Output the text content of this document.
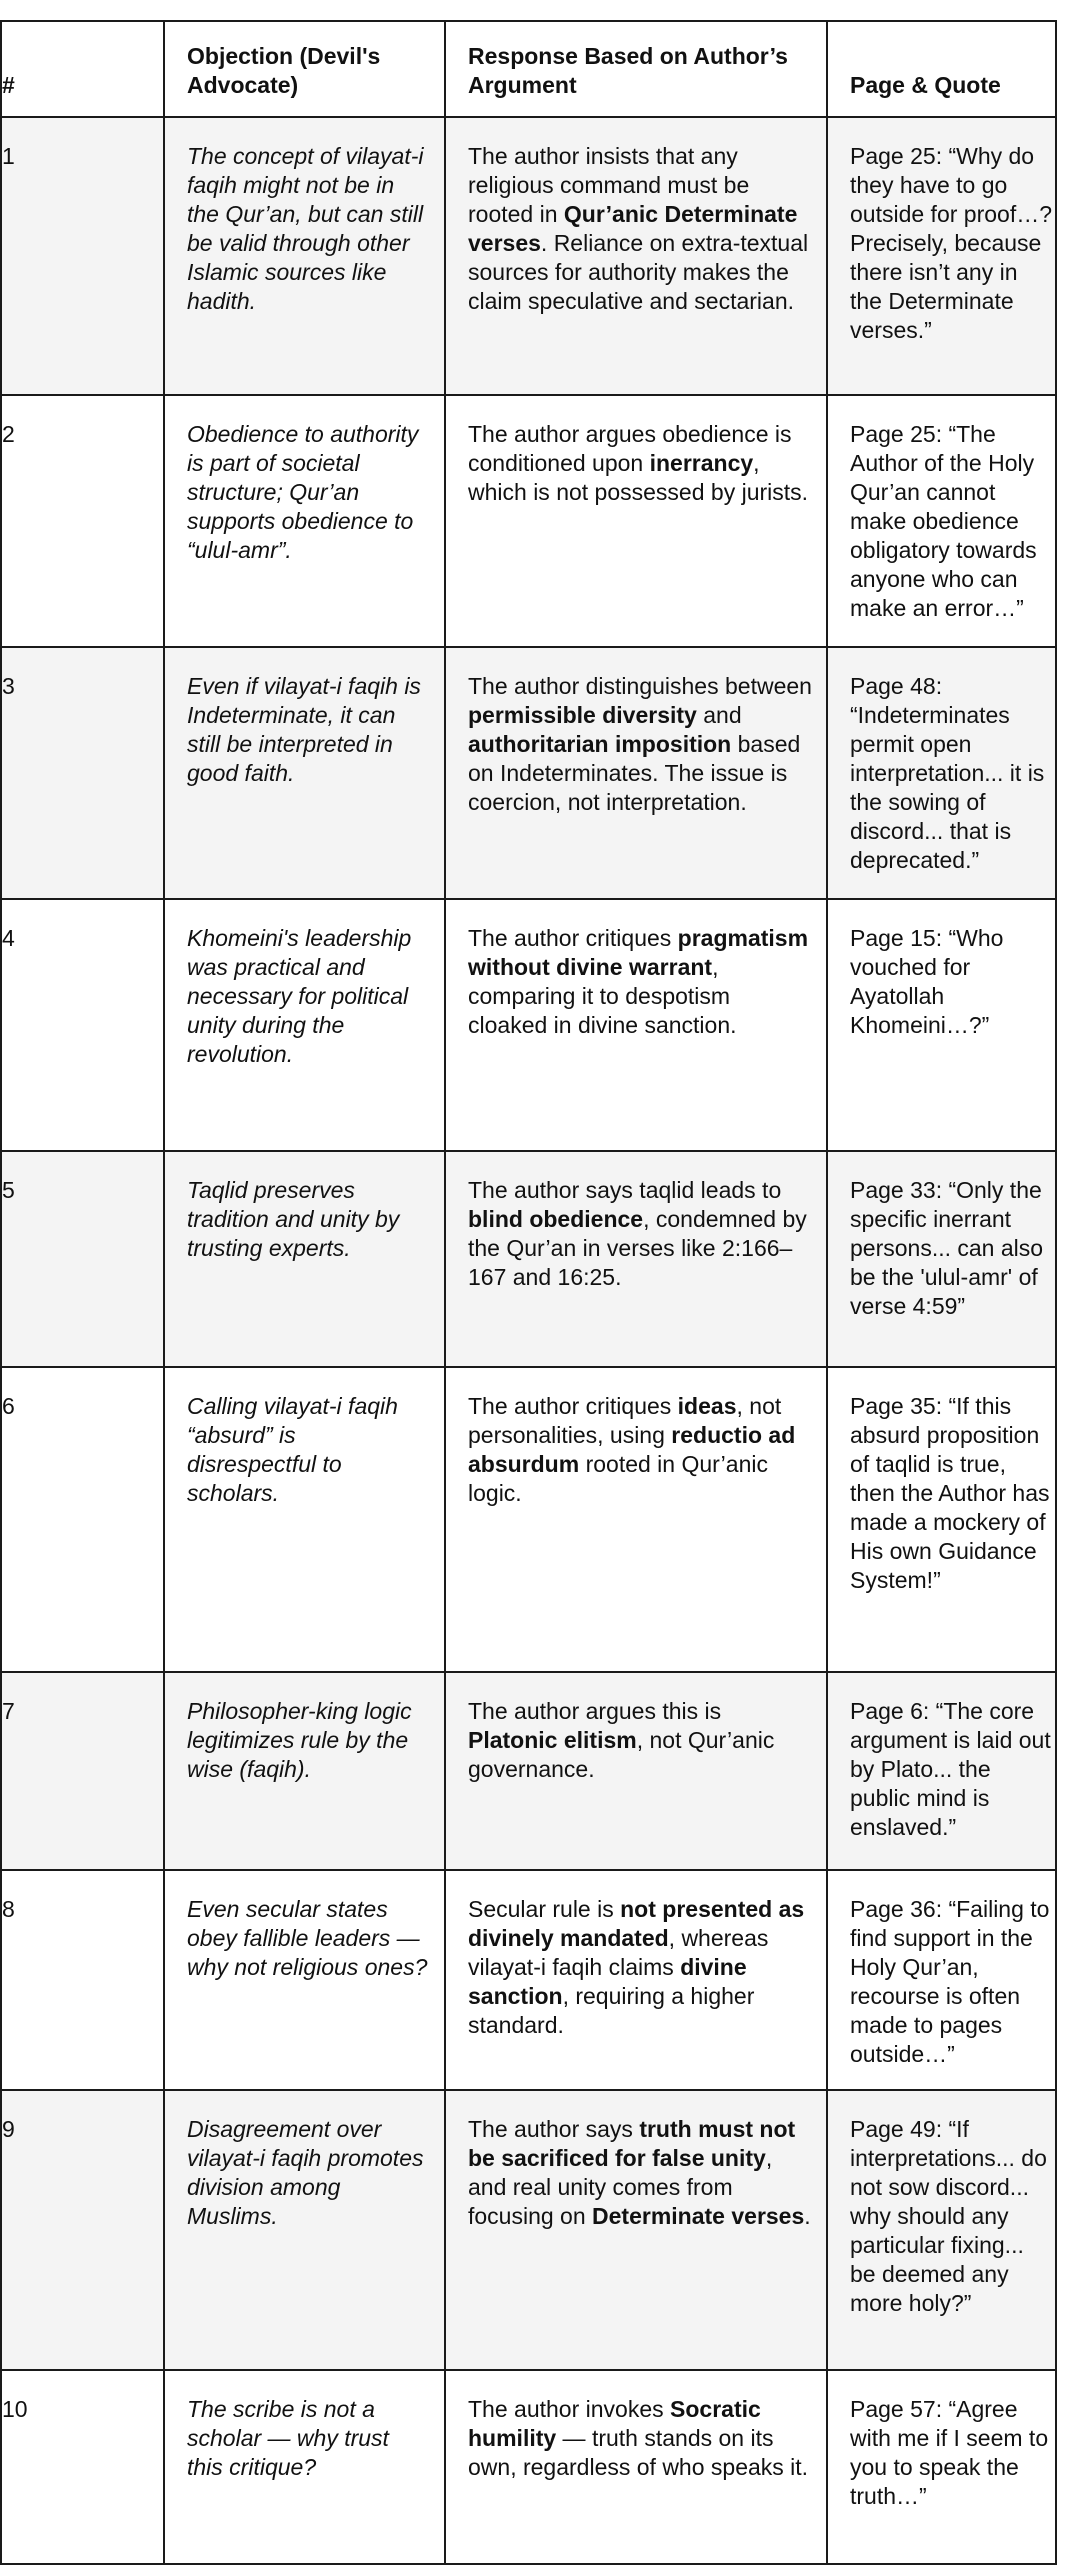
#	Objection (Devil's Advocate)	Response Based on Author’s Argument	Page & Quote
1	The concept of vilayat-i faqih might not be in the Qur’an, but can still be valid through other Islamic sources like hadith.	The author insists that any religious command must be rooted in Qur’anic Determinate verses. Reliance on extra-textual sources for authority makes the claim speculative and sectarian.	Page 25: “Why do they have to go outside for proof…? Precisely, because there isn’t any in the Determinate verses.”
2	Obedience to authority is part of societal structure; Qur’an supports obedience to “ulul-amr”.	The author argues obedience is conditioned upon inerrancy, which is not possessed by jurists.	Page 25: “The Author of the Holy Qur’an cannot make obedience obligatory towards anyone who can make an error…”
3	Even if vilayat-i faqih is Indeterminate, it can still be interpreted in good faith.	The author distinguishes between permissible diversity and authoritarian imposition based on Indeterminates. The issue is coercion, not interpretation.	Page 48: “Indeterminates permit open interpretation... it is the sowing of discord... that is deprecated.”
4	Khomeini's leadership was practical and necessary for political unity during the revolution.	The author critiques pragmatism without divine warrant, comparing it to despotism cloaked in divine sanction.	Page 15: “Who vouched for Ayatollah Khomeini…?”
5	Taqlid preserves tradition and unity by trusting experts.	The author says taqlid leads to blind obedience, condemned by the Qur’an in verses like 2:166–167 and 16:25.	Page 33: “Only the specific inerrant persons... can also be the 'ulul-amr' of verse 4:59”
6	Calling vilayat-i faqih “absurd” is disrespectful to scholars.	The author critiques ideas, not personalities, using reductio ad absurdum rooted in Qur’anic logic.	Page 35: “If this absurd proposition of taqlid is true, then the Author has made a mockery of His own Guidance System!”
7	Philosopher-king logic legitimizes rule by the wise (faqih).	The author argues this is Platonic elitism, not Qur’anic governance.	Page 6: “The core argument is laid out by Plato... the public mind is enslaved.”
8	Even secular states obey fallible leaders — why not religious ones?	Secular rule is not presented as divinely mandated, whereas vilayat-i faqih claims divine sanction, requiring a higher standard.	Page 36: “Failing to find support in the Holy Qur’an, recourse is often made to pages outside…”
9	Disagreement over vilayat-i faqih promotes division among Muslims.	The author says truth must not be sacrificed for false unity, and real unity comes from focusing on Determinate verses.	Page 49: “If interpretations... do not sow discord... why should any particular fixing... be deemed any more holy?”
10	The scribe is not a scholar — why trust this critique?	The author invokes Socratic humility — truth stands on its own, regardless of who speaks it.	Page 57: “Agree with me if I seem to you to speak the truth…”
